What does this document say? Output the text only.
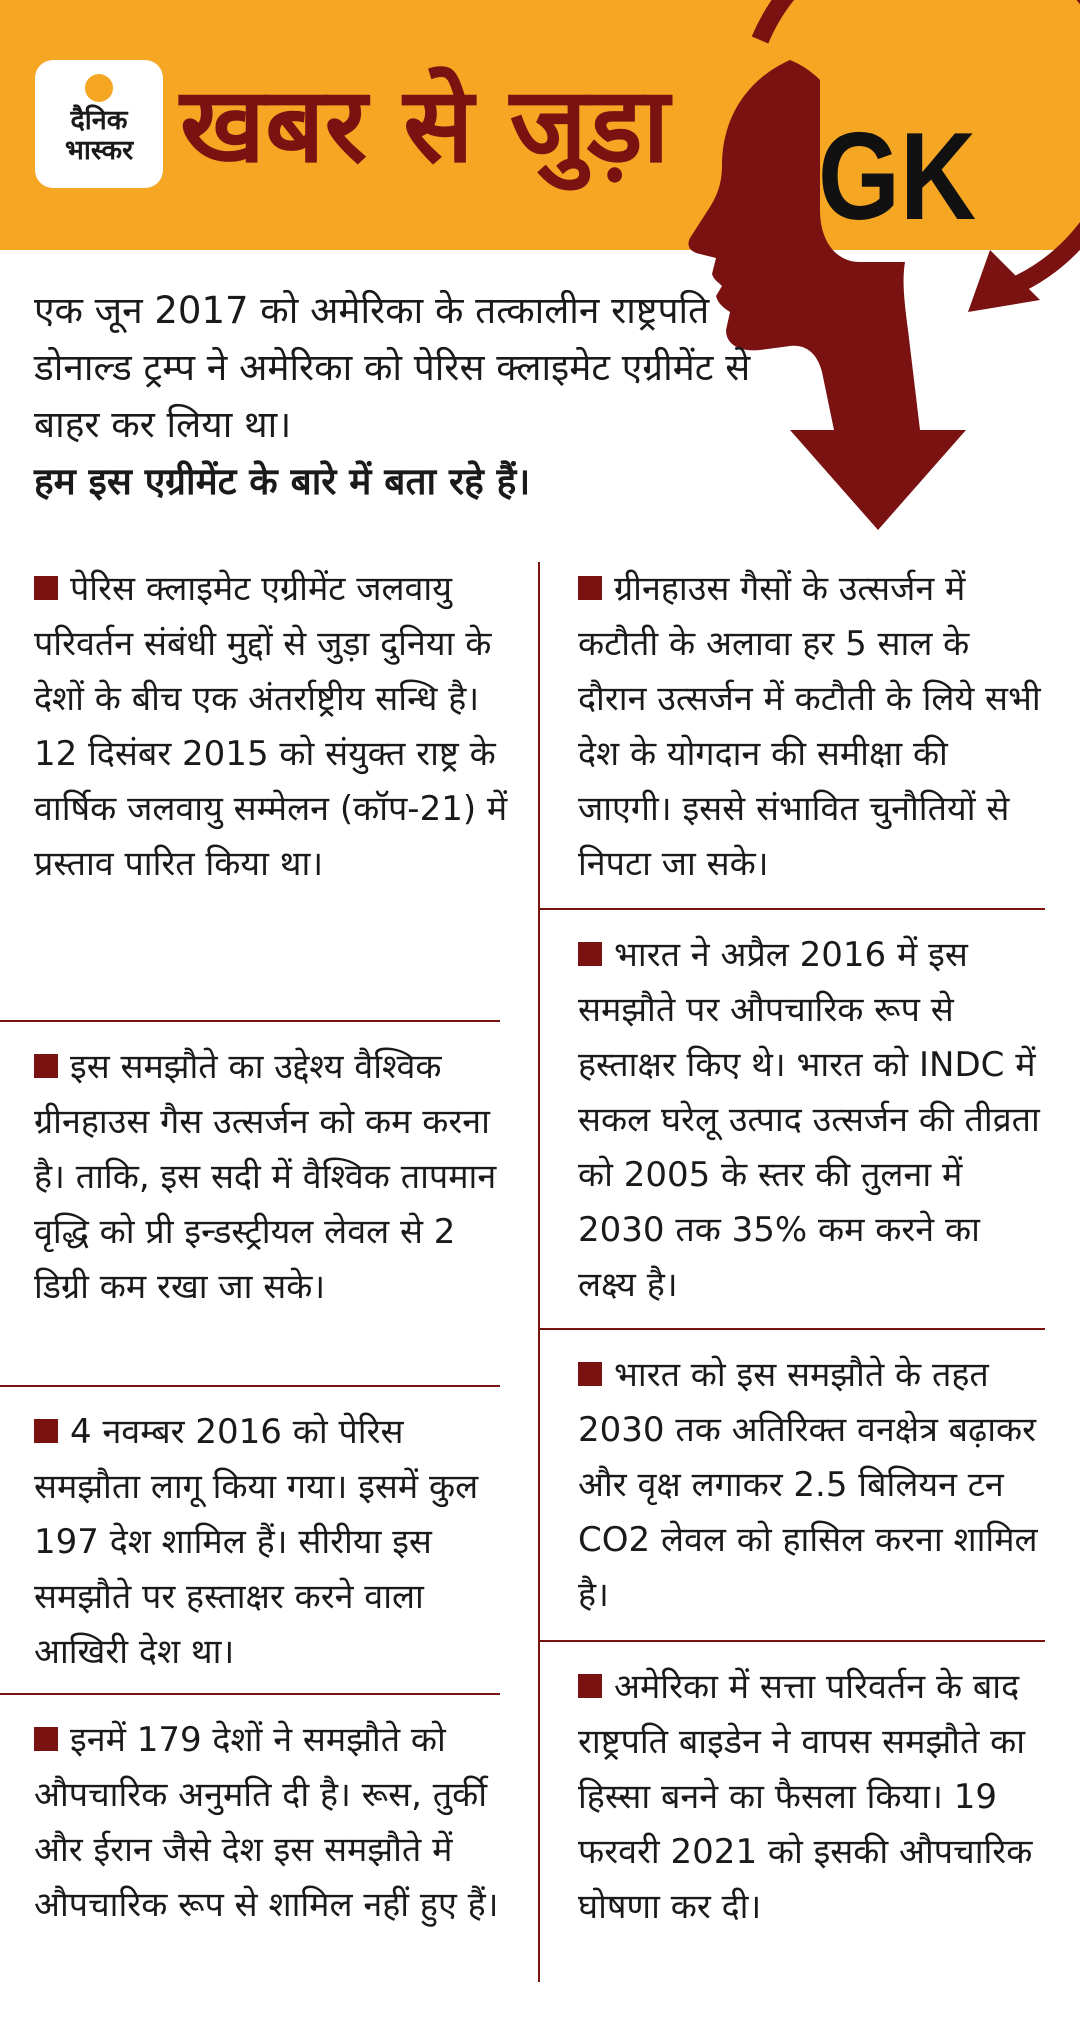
दैनिक
भास्कर खबर से जुड़ा GK
एक जून 2017 को अमेरिका के तत्कालीन राष्ट्रपति डोनाल्ड ट्रम्प ने अमेरिका को पेरिस क्लाइमेट एग्रीमेंट से बाहर कर लिया था।
हम इस एग्रीमेंट के बारे में बता रहे हैं।
पेरिस क्लाइमेट एग्रीमेंट जलवायु परिवर्तन संबंधी मुद्दों से जुड़ा दुनिया के देशों के बीच एक अंतर्राष्ट्रीय सन्धि है। 12 दिसंबर 2015 को संयुक्त राष्ट्र के वार्षिक जलवायु सम्मेलन (कॉप-21) में प्रस्ताव पारित किया था।
इस समझौते का उद्देश्य वैश्विक ग्रीनहाउस गैस उत्सर्जन को कम करना है। ताकि, इस सदी में वैश्विक तापमान वृद्धि को प्री इन्डस्ट्रीयल लेवल से 2 डिग्री कम रखा जा सके।
4 नवम्बर 2016 को पेरिस समझौता लागू किया गया। इसमें कुल 197 देश शामिल हैं। सीरीया इस समझौते पर हस्ताक्षर करने वाला आखिरी देश था।
इनमें 179 देशों ने समझौते को औपचारिक अनुमति दी है। रूस, तुर्की और ईरान जैसे देश इस समझौते में औपचारिक रूप से शामिल नहीं हुए हैं।
ग्रीनहाउस गैसों के उत्सर्जन में कटौती के अलावा हर 5 साल के दौरान उत्सर्जन में कटौती के लिये सभी देश के योगदान की समीक्षा की जाएगी। इससे संभावित चुनौतियों से निपटा जा सके।
भारत ने अप्रैल 2016 में इस समझौते पर औपचारिक रूप से हस्ताक्षर किए थे। भारत को INDC में सकल घरेलू उत्पाद उत्सर्जन की तीव्रता को 2005 के स्तर की तुलना में 2030 तक 35% कम करने का लक्ष्य है।
भारत को इस समझौते के तहत 2030 तक अतिरिक्त वनक्षेत्र बढ़ाकर और वृक्ष लगाकर 2.5 बिलियन टन CO2 लेवल को हासिल करना शामिल है।
अमेरिका में सत्ता परिवर्तन के बाद राष्ट्रपति बाइडेन ने वापस समझौते का हिस्सा बनने का फैसला किया। 19 फरवरी 2021 को इसकी औपचारिक घोषणा कर दी।
